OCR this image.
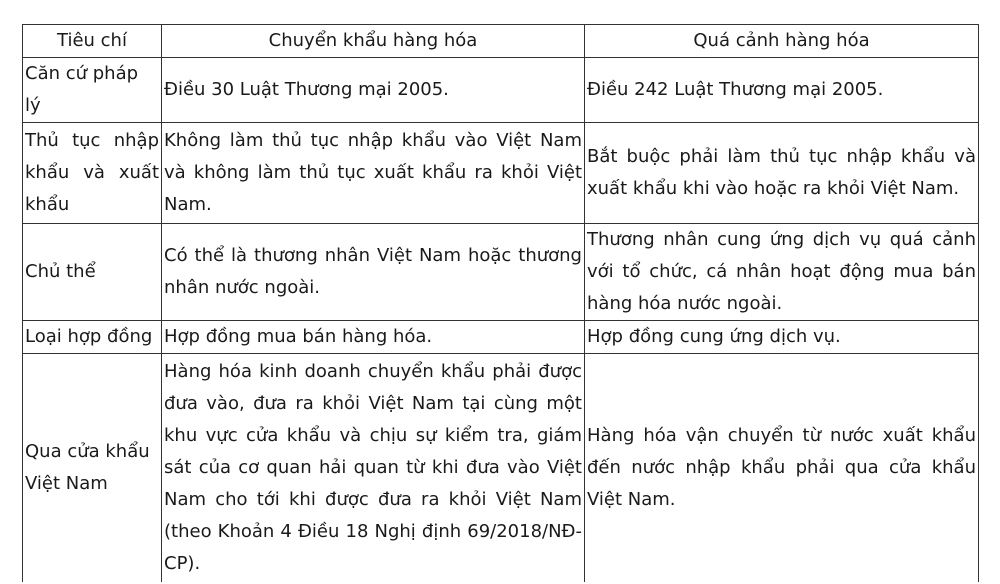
Tiêu chí	Chuyển khẩu hàng hóa	Quá cảnh hàng hóa
Căn cứ pháp lý	Điều 30 Luật Thương mại 2005.	Điều 242 Luật Thương mại 2005.
Thủ tục nhập khẩu và xuất khẩu	Không làm thủ tục nhập khẩu vào Việt Nam và không làm thủ tục xuất khẩu ra khỏi Việt Nam.	Bắt buộc phải làm thủ tục nhập khẩu và xuất khẩu khi vào hoặc ra khỏi Việt Nam.
Chủ thể	Có thể là thương nhân Việt Nam hoặc thương nhân nước ngoài.	Thương nhân cung ứng dịch vụ quá cảnh với tổ chức, cá nhân hoạt động mua bán hàng hóa nước ngoài.
Loại hợp đồng	Hợp đồng mua bán hàng hóa.	Hợp đồng cung ứng dịch vụ.
Qua cửa khẩu Việt Nam	Hàng hóa kinh doanh chuyển khẩu phải được đưa vào, đưa ra khỏi Việt Nam tại cùng một khu vực cửa khẩu và chịu sự kiểm tra, giám sát của cơ quan hải quan từ khi đưa vào Việt Nam cho tới khi được đưa ra khỏi Việt Nam (theo Khoản 4 Điều 18 Nghị định 69/2018/NĐ-CP).	Hàng hóa vận chuyển từ nước xuất khẩu đến nước nhập khẩu phải qua cửa khẩu Việt Nam.
